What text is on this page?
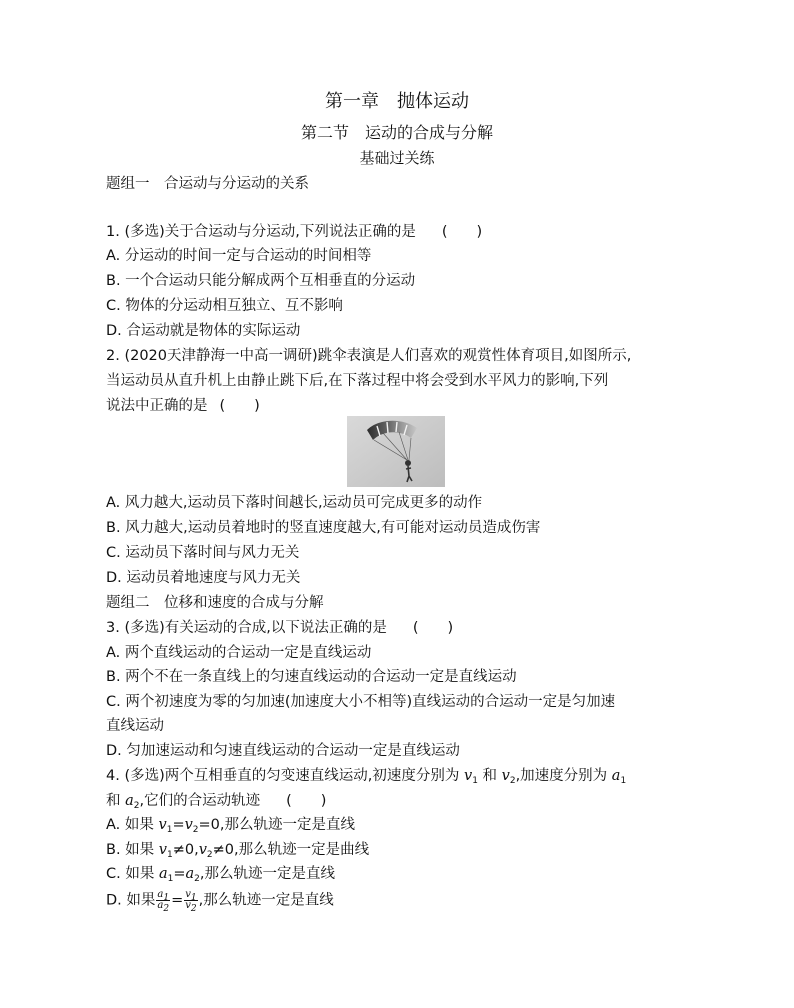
第一章　抛体运动
第二节　运动的合成与分解
基础过关练
题组一　合运动与分运动的关系
1. (多选)关于合运动与分运动,下列说法正确的是 (　　)
A. 分运动的时间一定与合运动的时间相等
B. 一个合运动只能分解成两个互相垂直的分运动
C. 物体的分运动相互独立、互不影响
D. 合运动就是物体的实际运动
2. (2020天津静海一中高一调研)跳伞表演是人们喜欢的观赏性体育项目,如图所示,
当运动员从直升机上由静止跳下后,在下落过程中将会受到水平风力的影响,下列
说法中正确的是 (　　)
A. 风力越大,运动员下落时间越长,运动员可完成更多的动作
B. 风力越大,运动员着地时的竖直速度越大,有可能对运动员造成伤害
C. 运动员下落时间与风力无关
D. 运动员着地速度与风力无关
题组二　位移和速度的合成与分解
3. (多选)有关运动的合成,以下说法正确的是 (　　)
A. 两个直线运动的合运动一定是直线运动
B. 两个不在一条直线上的匀速直线运动的合运动一定是直线运动
C. 两个初速度为零的匀加速(加速度大小不相等)直线运动的合运动一定是匀加速
直线运动
D. 匀加速运动和匀速直线运动的合运动一定是直线运动
4. (多选)两个互相垂直的匀变速直线运动,初速度分别为 $v_1$ 和 $v_2$,加速度分别为 $a_1$
和 $a_2$,它们的合运动轨迹 (　　)
A. 如果 $v_1=v_2=0$,那么轨迹一定是直线
B. 如果 $v_1\ne 0,v_2\ne 0$,那么轨迹一定是曲线
C. 如果 $a_1=a_2$,那么轨迹一定是直线
D. 如果 $\frac{a_1}{a_2} = \frac{v_1}{v_2}$ ,那么轨迹一定是直线
